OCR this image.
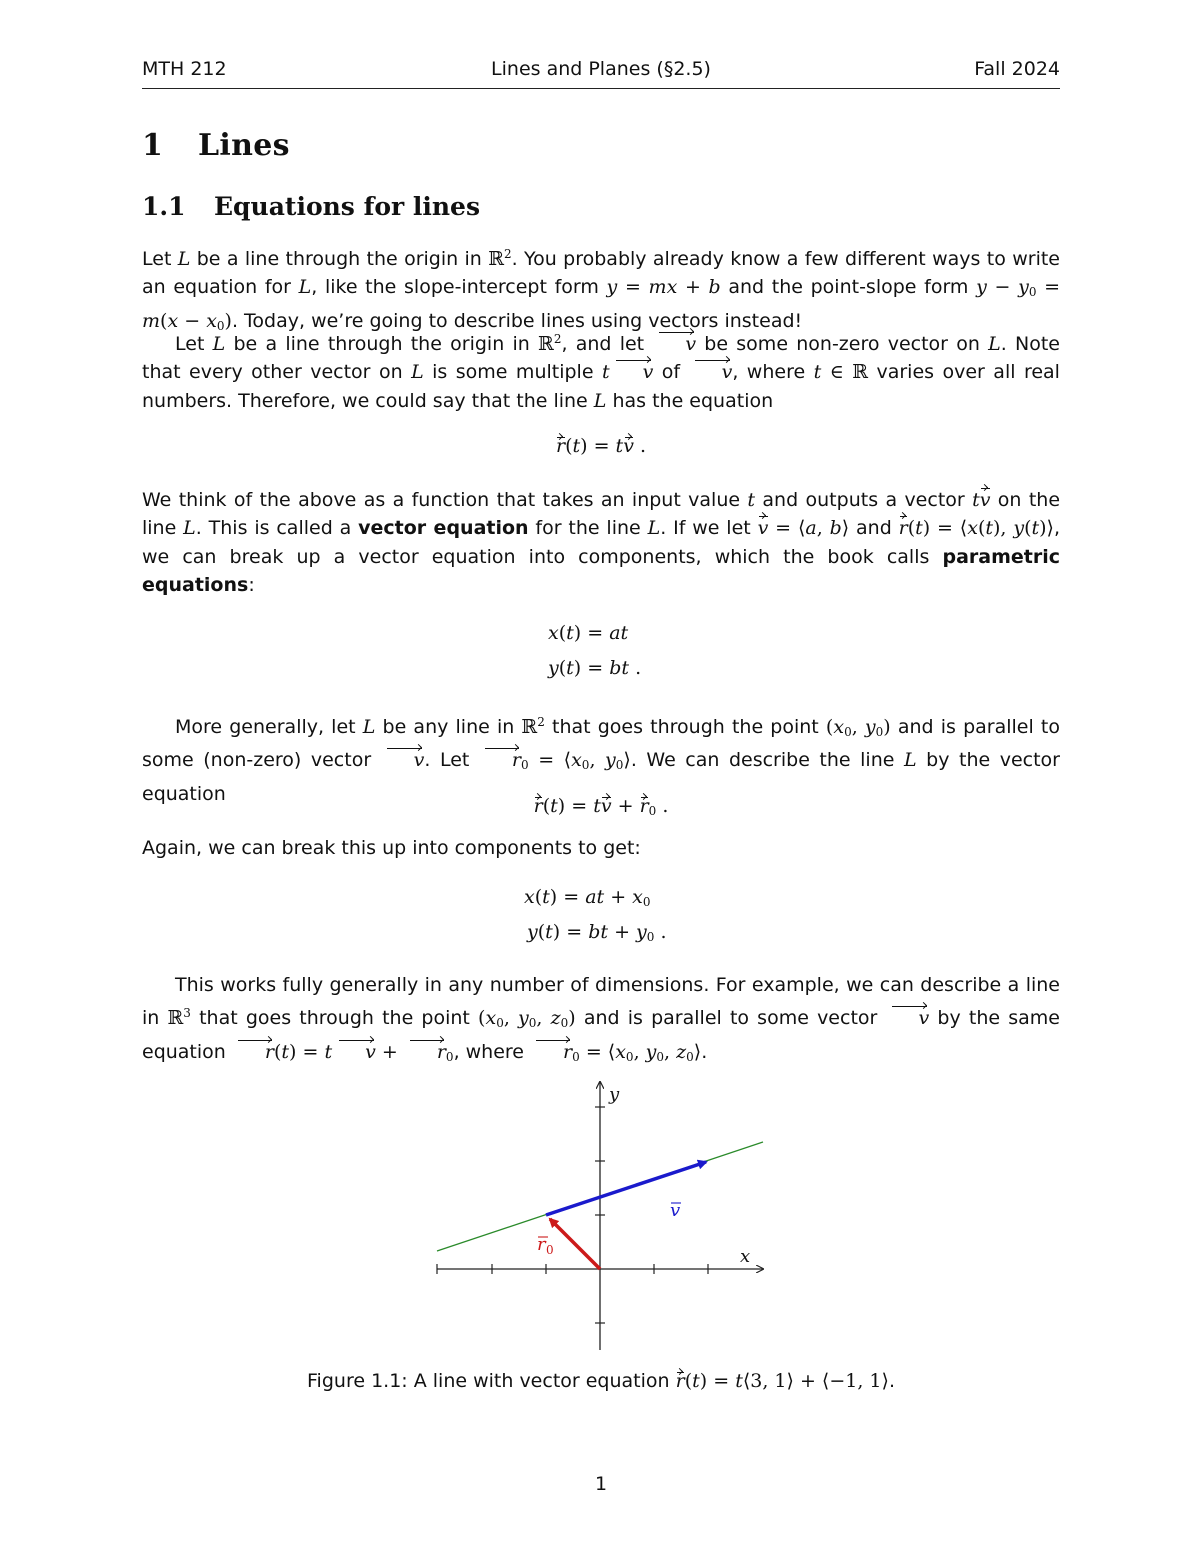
MTH 212	Lines and Planes (§2.5)	Fall 2024
1 Lines
1.1 Equations for lines

Let L be a line through the origin in ℝ$^2$. You probably already know a few different ways to write an equation for L, like the slope-intercept form y = mx + b and the point-slope form $y - y_0 = m(x - x_0)$. Today, we’re going to describe lines using vectors instead!

Let L be a line through the origin in ℝ$^2$, and let v be some non-zero vector on L. Note that every other vector on L is some multiple t v of v, where t ∈ ℝ varies over all real numbers. Therefore, we could say that the line L has the equation

r(t) = tv .

We think of the above as a function that takes an input value t and outputs a vector tv on the line L. This is called a vector equation for the line L. If we let v = ⟨a, b⟩ and r(t) = ⟨x(t), y(t)⟩, we can break up a vector equation into components, which the book calls parametric equations:

x(t) = at
y(t) = bt .

More generally, let L be any line in ℝ$^2$ that goes through the point ($x_0$, $y_0$) and is parallel to some (non-zero) vector v. Let $r_0$ = $⟨x_0$, $y_0⟩$. We can describe the line L by the vector equation

r(t) = tv + $r_0$ .

Again, we can break this up into components to get:

x(t) = at + $x_0$
y(t) = bt + $y_0$ .

This works fully generally in any number of dimensions. For example, we can describe a line in ℝ$^3$ that goes through the point ($x_0$, $y_0$, $z_0$) and is parallel to some vector v by the same equation r(t) = t $v + r_0$, where $r_0$ = $⟨x_0$, $y_0$, $z_0⟩$.

x
y
v
r 0
Figure 1.1: A line with vector equation r(t) = t⟨3, 1⟩ + ⟨−1, 1⟩.
1
